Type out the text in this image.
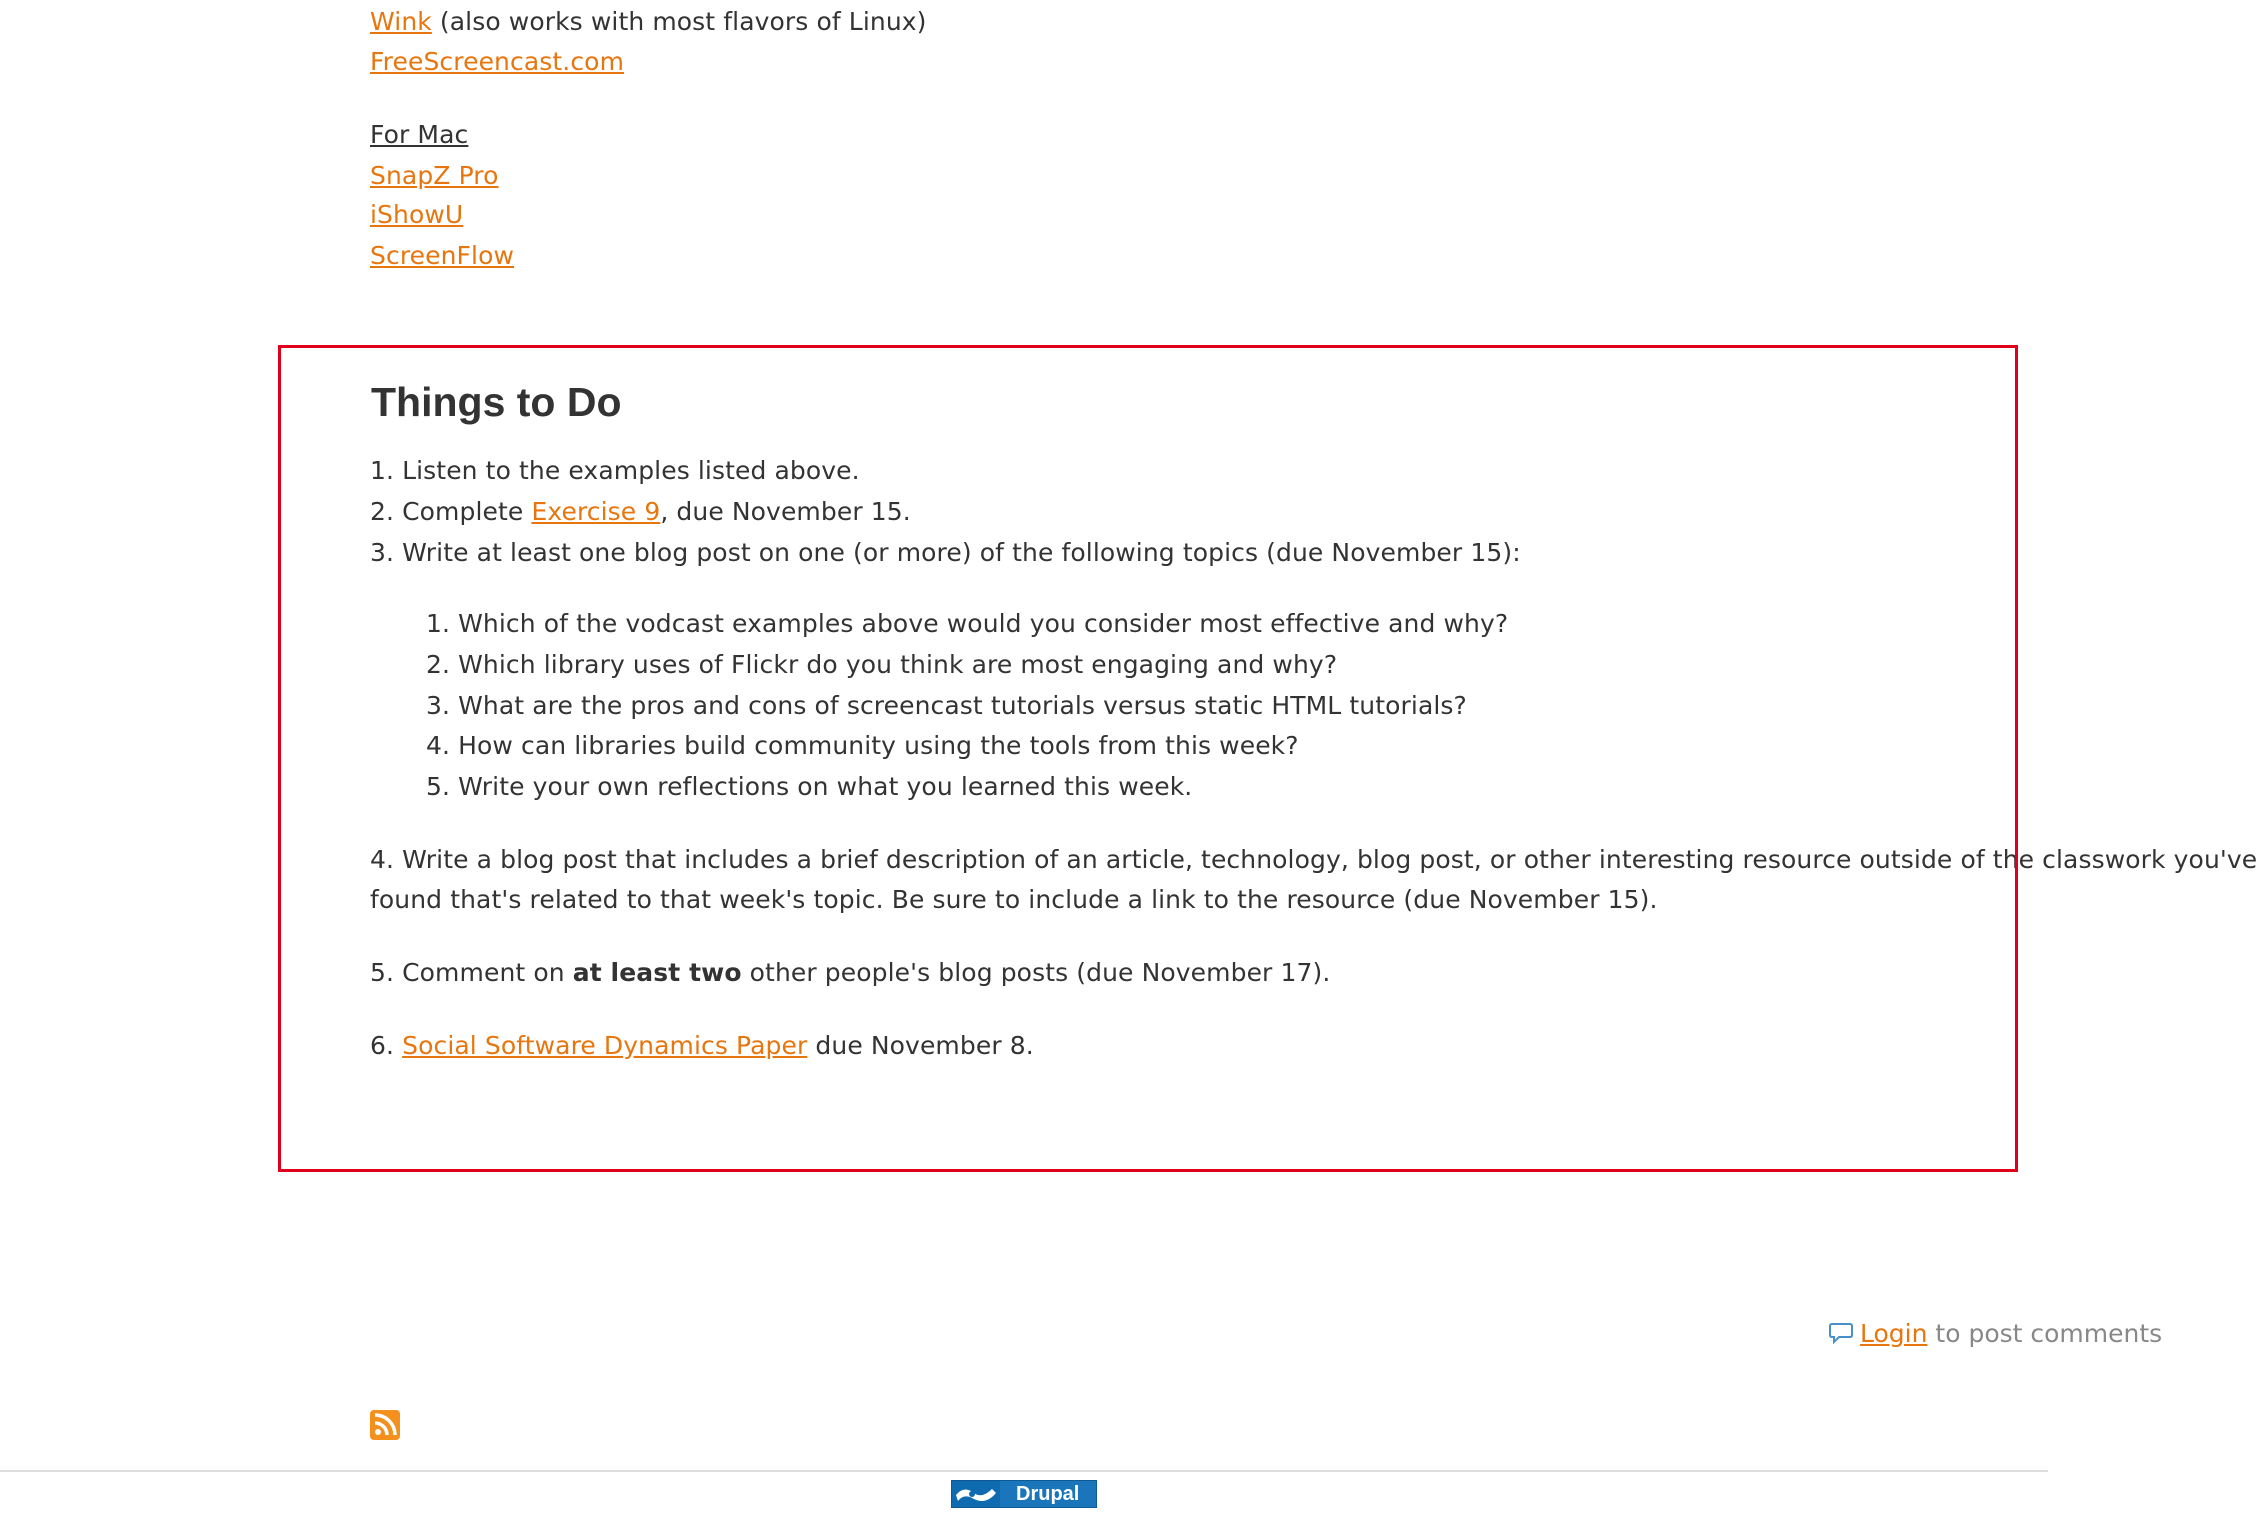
Wink (also works with most flavors of Linux)
FreeScreencast.com
For Mac
SnapZ Pro
iShowU
ScreenFlow
Things to Do
1. Listen to the examples listed above.
2. Complete Exercise 9, due November 15.
3. Write at least one blog post on one (or more) of the following topics (due November 15):
1. Which of the vodcast examples above would you consider most effective and why?
2. Which library uses of Flickr do you think are most engaging and why?
3. What are the pros and cons of screencast tutorials versus static HTML tutorials?
4. How can libraries build community using the tools from this week?
5. Write your own reflections on what you learned this week.
4. Write a blog post that includes a brief description of an article, technology, blog post, or other interesting resource outside of the classwork you've
found that's related to that week's topic. Be sure to include a link to the resource (due November 15).
5. Comment on at least two other people's blog posts (due November 17).
6. Social Software Dynamics Paper due November 8.
Login to post comments
Drupal
